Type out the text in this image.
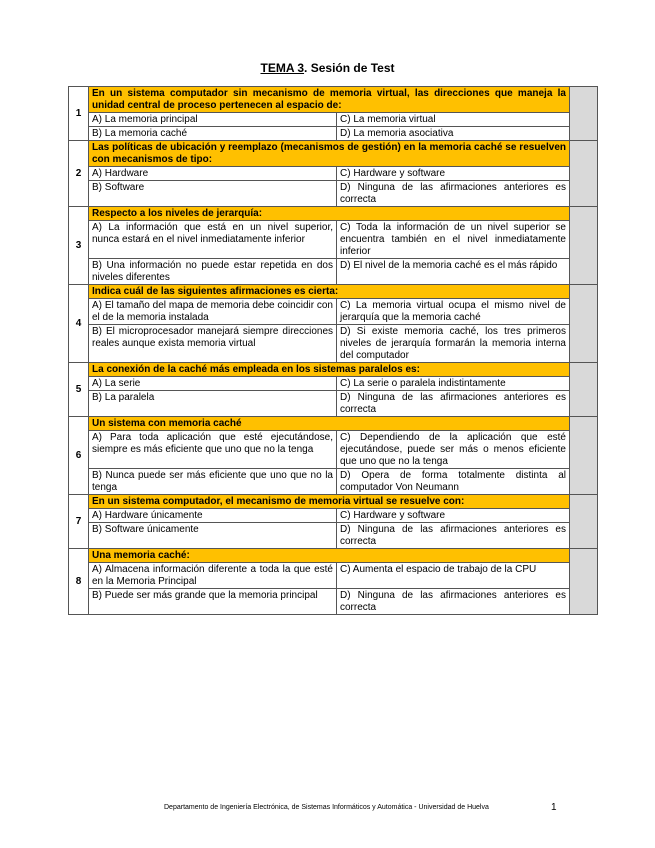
TEMA 3. Sesión de Test
1	En un sistema computador sin mecanismo de memoria virtual, las direcciones que maneja la unidad central de proceso pertenecen al espacio de:		
	A) La memoria principal	C) La memoria virtual	
	B) La memoria caché	D) La memoria asociativa	
2	Las políticas de ubicación y reemplazo (mecanismos de gestión) en la memoria caché se resuelven con mecanismos de tipo:		
	A) Hardware	C) Hardware y software	
	B) Software	D) Ninguna de las afirmaciones anteriores es correcta	
3	Respecto a los niveles de jerarquía:		
	A) La información que está en un nivel superior, nunca estará en el nivel inmediatamente inferior	C) Toda la información de un nivel superior se encuentra también en el nivel inmediatamente inferior	
	B) Una información no puede estar repetida en dos niveles diferentes	D) El nivel de la memoria caché es el más rápido	
4	Indica cuál de las siguientes afirmaciones es cierta:		
	A) El tamaño del mapa de memoria debe coincidir con el de la memoria instalada	C) La memoria virtual ocupa el mismo nivel de jerarquía que la memoria caché	
	B) El microprocesador manejará siempre direcciones reales aunque exista memoria virtual	D) Si existe memoria caché, los tres primeros niveles de jerarquía formarán la memoria interna del computador	
5	La conexión de la caché más empleada en los sistemas paralelos es:		
	A) La serie	C) La serie o paralela indistintamente	
	B) La paralela	D) Ninguna de las afirmaciones anteriores es correcta	
6	Un sistema con memoria caché		
	A) Para toda aplicación que esté ejecutándose, siempre es más eficiente que uno que no la tenga	C) Dependiendo de la aplicación que esté ejecutándose, puede ser más o menos eficiente que uno que no la tenga	
	B) Nunca puede ser más eficiente que uno que no la tenga	D) Opera de forma totalmente distinta al computador Von Neumann	
7	En un sistema computador, el mecanismo de memoria virtual se resuelve con:		
	A) Hardware únicamente	C) Hardware y software	
	B) Software únicamente	D) Ninguna de las afirmaciones anteriores es correcta	
8	Una memoria caché:		
	A) Almacena información diferente a toda la que esté en la Memoria Principal	C) Aumenta el espacio de trabajo de la CPU	
	B) Puede ser más grande que la memoria principal	D) Ninguna de las afirmaciones anteriores es correcta	
Departamento de Ingeniería Electrónica, de Sistemas Informáticos y Automática - Universidad de Huelva	1
